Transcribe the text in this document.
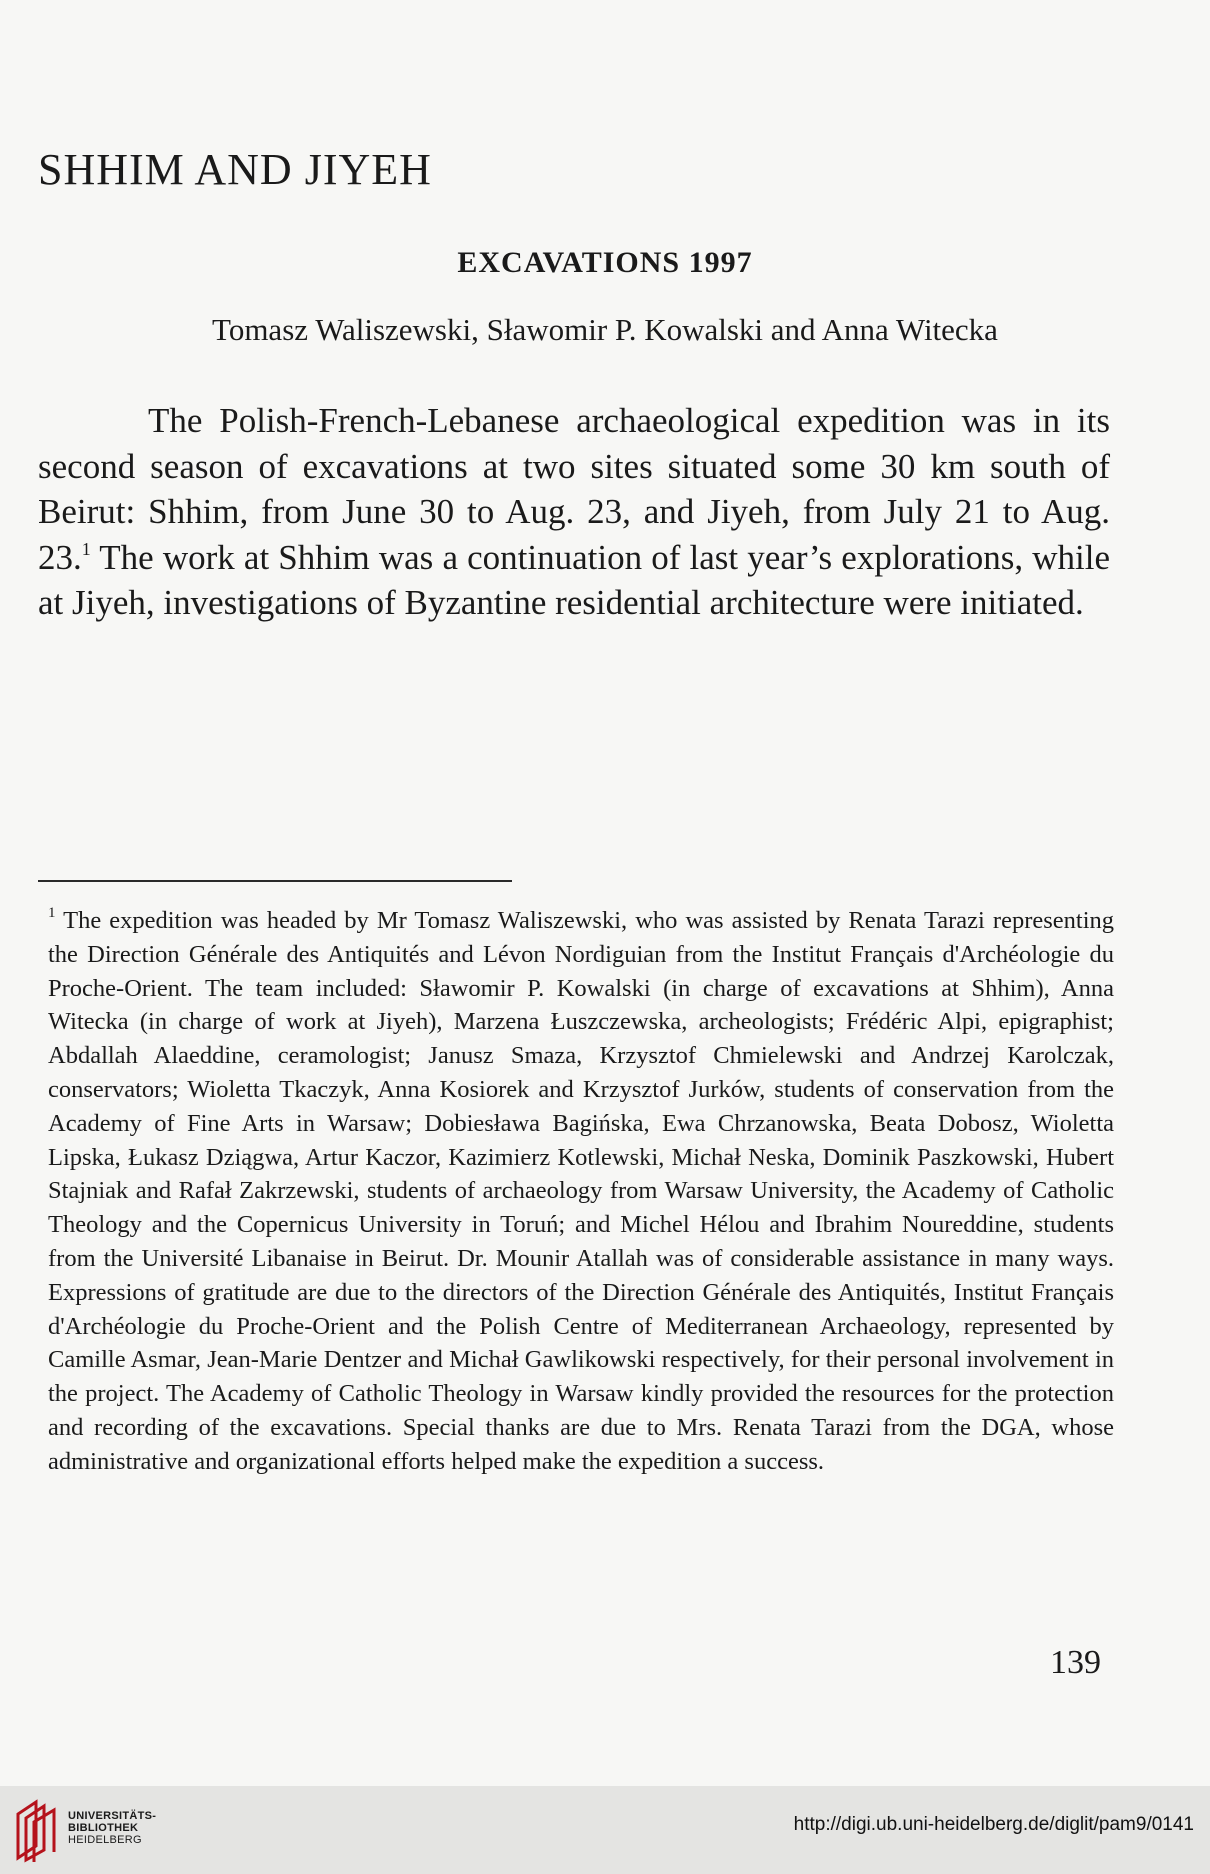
SHHIM AND JIYEH
EXCAVATIONS 1997
Tomasz Waliszewski, Sławomir P. Kowalski and Anna Witecka

The Polish-French-Lebanese archaeological expedition was in its second season of excavations at two sites situated some 30 km south of Beirut: Shhim, from June 30 to Aug. 23, and Jiyeh, from July 21 to Aug. 23.$^1$ The work at Shhim was a continuation of last year’s explorations, while at Jiyeh, investigations of Byzantine residential architecture were initiated.

$^1$ The expedition was headed by Mr Tomasz Waliszewski, who was assisted by Renata Tarazi representing the Direction Générale des Antiquités and Lévon Nordiguian from the Institut Français d'Archéologie du Proche-Orient. The team included: Sławomir P. Kowalski (in charge of excavations at Shhim), Anna Witecka (in charge of work at Jiyeh), Marzena Łuszczewska, archeologists; Frédéric Alpi, epigraphist; Abdallah Alaeddine, ceramologist; Janusz Smaza, Krzysztof Chmielewski and Andrzej Karolczak, conservators; Wioletta Tkaczyk, Anna Kosiorek and Krzysztof Jurków, students of conservation from the Academy of Fine Arts in Warsaw; Dobiesława Bagińska, Ewa Chrzanowska, Beata Dobosz, Wioletta Lipska, Łukasz Dziągwa, Artur Kaczor, Kazimierz Kotlewski, Michał Neska, Dominik Paszkowski, Hubert Stajniak and Rafał Zakrzewski, students of archaeology from Warsaw University, the Academy of Catholic Theology and the Copernicus University in Toruń; and Michel Hélou and Ibrahim Noureddine, students from the Université Libanaise in Beirut. Dr. Mounir Atallah was of considerable assistance in many ways. Expressions of gratitude are due to the directors of the Direction Générale des Antiquités, Institut Français d'Archéologie du Proche-Orient and the Polish Centre of Mediterranean Archaeology, represented by Camille Asmar, Jean-Marie Dentzer and Michał Gawlikowski respectively, for their personal involvement in the project. The Academy of Catholic Theology in Warsaw kindly provided the resources for the protection and recording of the excavations. Special thanks are due to Mrs. Renata Tarazi from the DGA, whose administrative and organizational efforts helped make the expedition a success.

139
UNIVERSITÄTS-
BIBLIOTHEK
HEIDELBERG
http://digi.ub.uni-heidelberg.de/diglit/pam9/0141
